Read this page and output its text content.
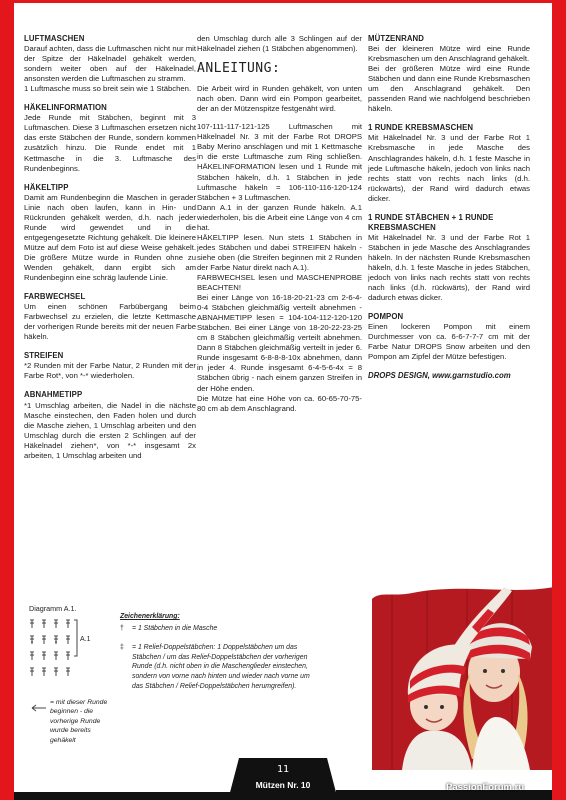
LUFTMASCHEN

Darauf achten, dass die Luftmaschen nicht nur mit der Spitze der Häkelnadel gehäkelt werden, sondern weiter oben auf der Häkelnadel, ansonsten werden die Luftmaschen zu stramm.

1 Luftmasche muss so breit sein wie 1 Stäbchen.

HÄKELINFORMATION

Jede Runde mit Stäbchen, beginnt mit 3 Luftmaschen. Diese 3 Luftmaschen ersetzen nicht das erste Stäbchen der Runde, sondern kommen zusätzlich hinzu. Die Runde endet mit 1 Kettmasche in die 3. Luftmasche des Rundenbeginns.

HÄKELTIPP

Damit am Rundenbeginn die Maschen in gerader Linie nach oben laufen, kann in Hin- und Rückrunden gehäkelt werden, d.h. nach jeder Runde wird gewendet und in die entgegengesetzte Richtung gehäkelt. Die kleinere Mütze auf dem Foto ist auf diese Weise gehäkelt. Die größere Mütze wurde in Runden ohne zu Wenden gehäkelt, dann ergibt sich am Rundenbeginn eine schräg laufende Linie.

FARBWECHSEL

Um einen schönen Farbübergang beim Farbwechsel zu erzielen, die letzte Kettmasche der vorherigen Runde bereits mit der neuen Farbe häkeln.

STREIFEN

*2 Runden mit der Farbe Natur, 2 Runden mit der Farbe Rot*, von *-* wiederholen.

ABNAHMETIPP

*1 Umschlag arbeiten, die Nadel in die nächste Masche einstechen, den Faden holen und durch die Masche ziehen, 1 Umschlag arbeiten und den Umschlag durch die ersten 2 Schlingen auf der Häkelnadel ziehen*, von *-* insgesamt 2x arbeiten, 1 Umschlag arbeiten und

den Umschlag durch alle 3 Schlingen auf der Häkelnadel ziehen (1 Stäbchen abgenommen).

ANLEITUNG:

Die Arbeit wird in Runden gehäkelt, von unten nach oben. Dann wird ein Pompon gearbeitet, der an der Mützenspitze festgenäht wird.

107-111-117-121-125 Luftmaschen mit Häkelnadel Nr. 3 mit der Farbe Rot DROPS Baby Merino anschlagen und mit 1 Kettmasche in die erste Luftmasche zum Ring schließen. HÄKELINFORMATION lesen und 1 Runde mit Stäbchen häkeln, d.h. 1 Stäbchen in jede Luftmasche häkeln = 106-110-116-120-124 Stäbchen + 3 Luftmaschen.

Dann A.1 in der ganzen Runde häkeln. A.1 wiederholen, bis die Arbeit eine Länge von 4 cm hat.

HÄKELTIPP lesen. Nun stets 1 Stäbchen in jedes Stäbchen und dabei STREIFEN häkeln - siehe oben (die Streifen beginnen mit 2 Runden der Farbe Natur direkt nach A.1).

FARBWECHSEL lesen und MASCHENPROBE BEACHTEN!

Bei einer Länge von 16-18-20-21-23 cm 2-6-4-0-4 Stäbchen gleichmäßig verteilt abnehmen - ABNAHMETIPP lesen = 104-104-112-120-120 Stäbchen. Bei einer Länge von 18-20-22-23-25 cm 8 Stäbchen gleichmäßig verteilt abnehmen. Dann 8 Stäbchen gleichmäßig verteilt in jeder 6. Runde insgesamt 6-8-8-8-10x abnehmen, dann in jeder 4. Runde insgesamt 6-4-5-6-4x = 8 Stäbchen übrig - nach einem ganzen Streifen in der Höhe enden.

Die Mütze hat eine Höhe von ca. 60-65-70-75-80 cm ab dem Anschlagrand.

MÜTZENRAND

Bei der kleineren Mütze wird eine Runde Krebsmaschen um den Anschlagrand gehäkelt.

Bei der größeren Mütze wird eine Runde Stäbchen und dann eine Runde Krebsmaschen um den Anschlagrand gehäkelt. Den passenden Rand wie nachfolgend beschrieben häkeln.

1 RUNDE KREBSMASCHEN

Mit Häkelnadel Nr. 3 und der Farbe Rot 1 Krebsmasche in jede Masche des Anschlagrandes häkeln, d.h. 1 feste Masche in jede Luftmasche häkeln, jedoch von links nach rechts statt von rechts nach links (d.h. rückwärts), der Rand wird dadurch etwas dicker.

1 RUNDE STÄBCHEN + 1 RUNDE KREBSMASCHEN

Mit Häkelnadel Nr. 3 und der Farbe Rot 1 Stäbchen in jede Masche des Anschlagrandes häkeln. In der nächsten Runde Krebsmaschen häkeln, d.h. 1 feste Masche in jedes Stäbchen, jedoch von links nach rechts statt von rechts nach links (d.h. rückwärts), der Rand wird dadurch etwas dicker.

POMPON

Einen lockeren Pompon mit einem Durchmesser von ca. 6-6-7-7-7 cm mit der Farbe Natur DROPS Snow arbeiten und den Pompon am Zipfel der Mütze befestigen.

DROPS DESIGN, www.garnstudio.com
Diagramm A.1.
A.1
= mit dieser Runde beginnen - die vorherige Runde wurde bereits gehäkelt
Zeichenerklärung:
† = 1 Stäbchen in die Masche
‡ = 1 Relief-Doppelstäbchen: 1 Doppelstäbchen um das Stäbchen / um das Relief-Doppelstäbchen der vorherigen Runde (d.h. nicht oben in die Maschenglieder einstechen, sondern von vorne nach hinten und wieder nach vorne um das Stäbchen / Relief-Doppelstäbchen herumgreifen).
11
Mützen Nr. 10	PassionForum.ru
